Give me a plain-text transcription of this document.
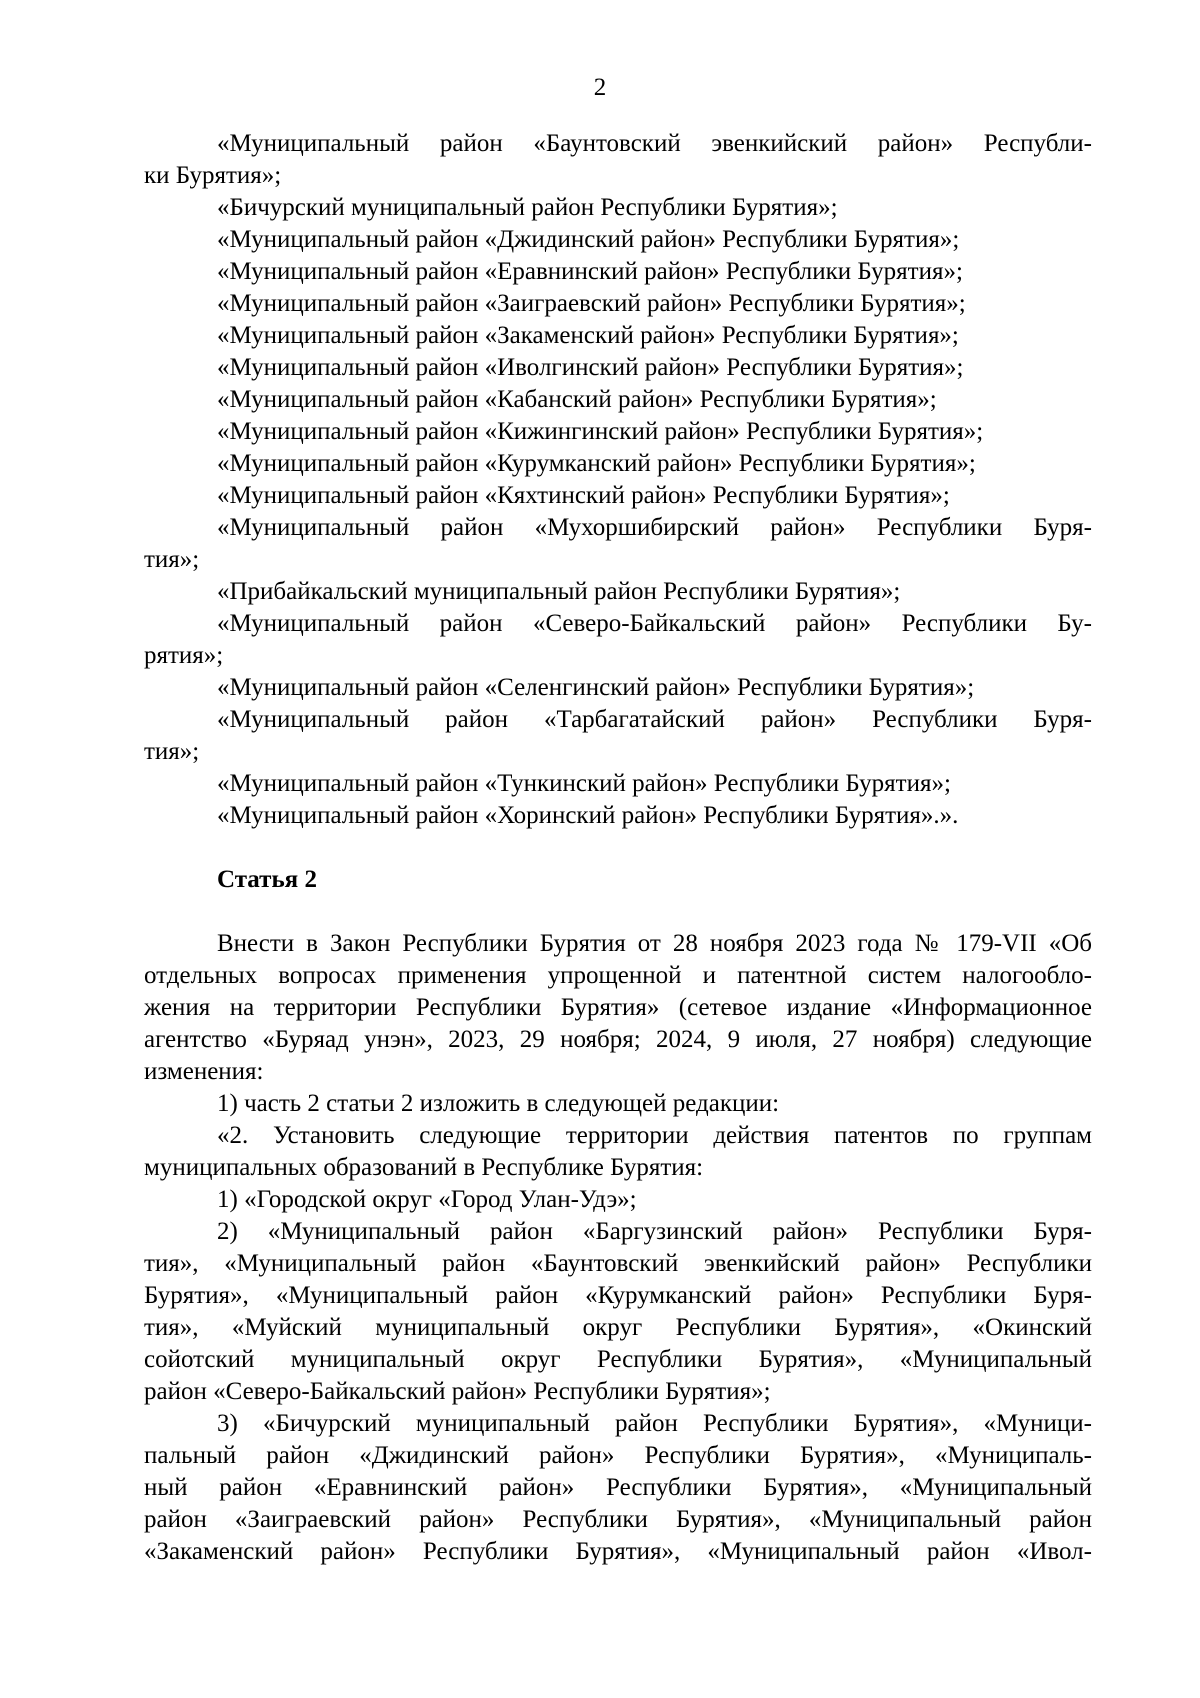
2
«Муниципальный район «Баунтовский эвенкийский район» Республи-
ки Бурятия»;
«Бичурский муниципальный район Республики Бурятия»;
«Муниципальный район «Джидинский район» Республики Бурятия»;
«Муниципальный район «Еравнинский район» Республики Бурятия»;
«Муниципальный район «Заиграевский район» Республики Бурятия»;
«Муниципальный район «Закаменский район» Республики Бурятия»;
«Муниципальный район «Иволгинский район» Республики Бурятия»;
«Муниципальный район «Кабанский район» Республики Бурятия»;
«Муниципальный район «Кижингинский район» Республики Бурятия»;
«Муниципальный район «Курумканский район» Республики Бурятия»;
«Муниципальный район «Кяхтинский район» Республики Бурятия»;
«Муниципальный район «Мухоршибирский район» Республики Буря-
тия»;
«Прибайкальский муниципальный район Республики Бурятия»;
«Муниципальный район «Северо-Байкальский район» Республики Бу-
рятия»;
«Муниципальный район «Селенгинский район» Республики Бурятия»;
«Муниципальный район «Тарбагатайский район» Республики Буря-
тия»;
«Муниципальный район «Тункинский район» Республики Бурятия»;
«Муниципальный район «Хоринский район» Республики Бурятия».».
Статья 2
Внести в Закон Республики Бурятия от 28 ноября 2023 года № 179-VII «Об
отдельных вопросах применения упрощенной и патентной систем налогообло-
жения на территории Республики Бурятия» (сетевое издание «Информационное
агентство «Буряад унэн», 2023, 29 ноября; 2024, 9 июля, 27 ноября) следующие
изменения:
1) часть 2 статьи 2 изложить в следующей редакции:
«2. Установить следующие территории действия патентов по группам
муниципальных образований в Республике Бурятия:
1) «Городской округ «Город Улан-Удэ»;
2) «Муниципальный район «Баргузинский район» Республики Буря-
тия», «Муниципальный район «Баунтовский эвенкийский район» Республики
Бурятия», «Муниципальный район «Курумканский район» Республики Буря-
тия», «Муйский муниципальный округ Республики Бурятия», «Окинский
сойотский муниципальный округ Республики Бурятия», «Муниципальный
район «Северо-Байкальский район» Республики Бурятия»;
3) «Бичурский муниципальный район Республики Бурятия», «Муници-
пальный район «Джидинский район» Республики Бурятия», «Муниципаль-
ный район «Еравнинский район» Республики Бурятия», «Муниципальный
район «Заиграевский район» Республики Бурятия», «Муниципальный район
«Закаменский район» Республики Бурятия», «Муниципальный район «Ивол-
